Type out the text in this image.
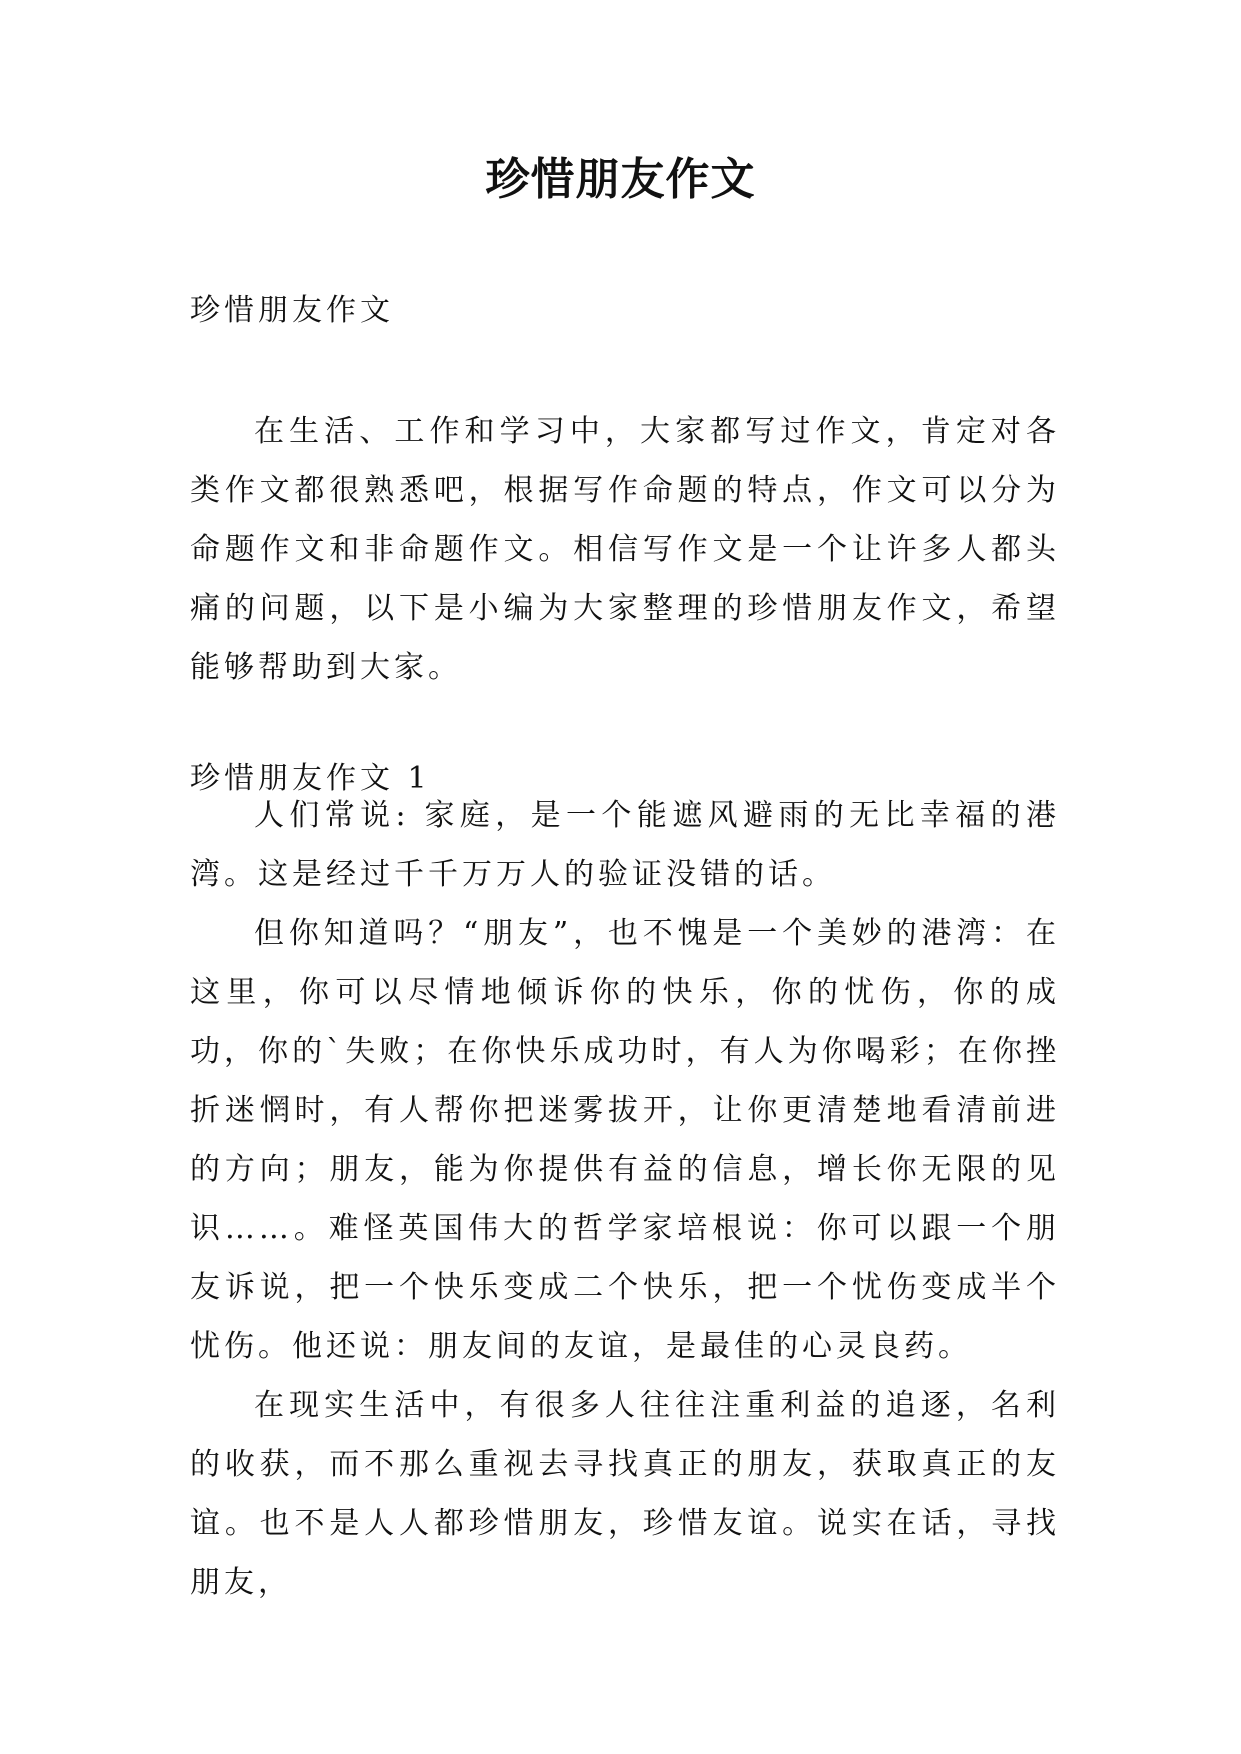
珍惜朋友作文
珍惜朋友作文

在生活、工作和学习中，大家都写过作文，肯定对各类作文都很熟悉吧，根据写作命题的特点，作文可以分为命题作文和非命题作文。相信写作文是一个让许多人都头痛的问题，以下是小编为大家整理的珍惜朋友作文，希望能够帮助到大家。

珍惜朋友作文 1

人们常说: 家庭，是一个能遮风避雨的无比幸福的港湾。这是经过千千万万人的验证没错的话。

但你知道吗？“朋友”，也不愧是一个美妙的港湾：在这里，你可以尽情地倾诉你的快乐，你的忧伤，你的成功，你的`失败；在你快乐成功时，有人为你喝彩；在你挫折迷惘时，有人帮你把迷雾拔开，让你更清楚地看清前进的方向；朋友，能为你提供有益的信息，增长你无限的见识……。难怪英国伟大的哲学家培根说：你可以跟一个朋友诉说，把一个快乐变成二个快乐，把一个忧伤变成半个忧伤。他还说：朋友间的友谊，是最佳的心灵良药。

在现实生活中，有很多人往往注重利益的追逐，名利的收获，而不那么重视去寻找真正的朋友，获取真正的友谊。也不是人人都珍惜朋友，珍惜友谊。说实在话，寻找朋友，
